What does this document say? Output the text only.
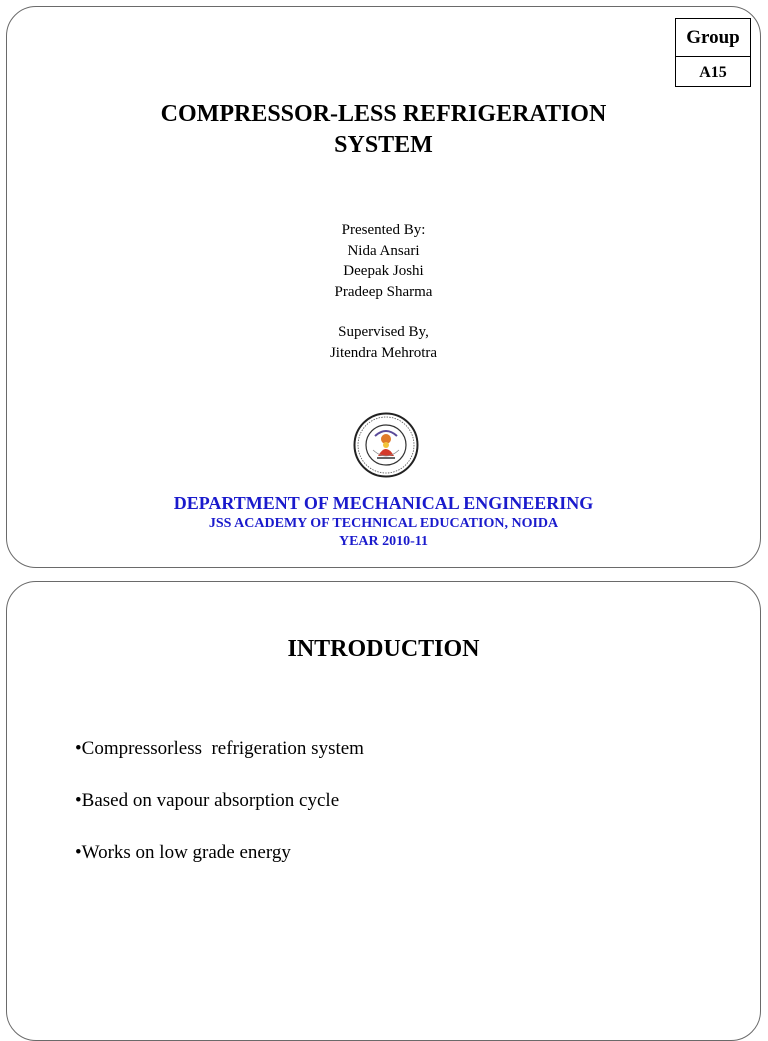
Group
A15
COMPRESSOR-LESS REFRIGERATION
SYSTEM
Presented By:
Nida Ansari
Deepak Joshi
Pradeep Sharma
Supervised By,
Jitendra Mehrotra
DEPARTMENT OF MECHANICAL ENGINEERING
JSS ACADEMY OF TECHNICAL EDUCATION, NOIDA
YEAR 2010-11
INTRODUCTION
•Compressorless  refrigeration system
•Based on vapour absorption cycle
•Works on low grade energy
